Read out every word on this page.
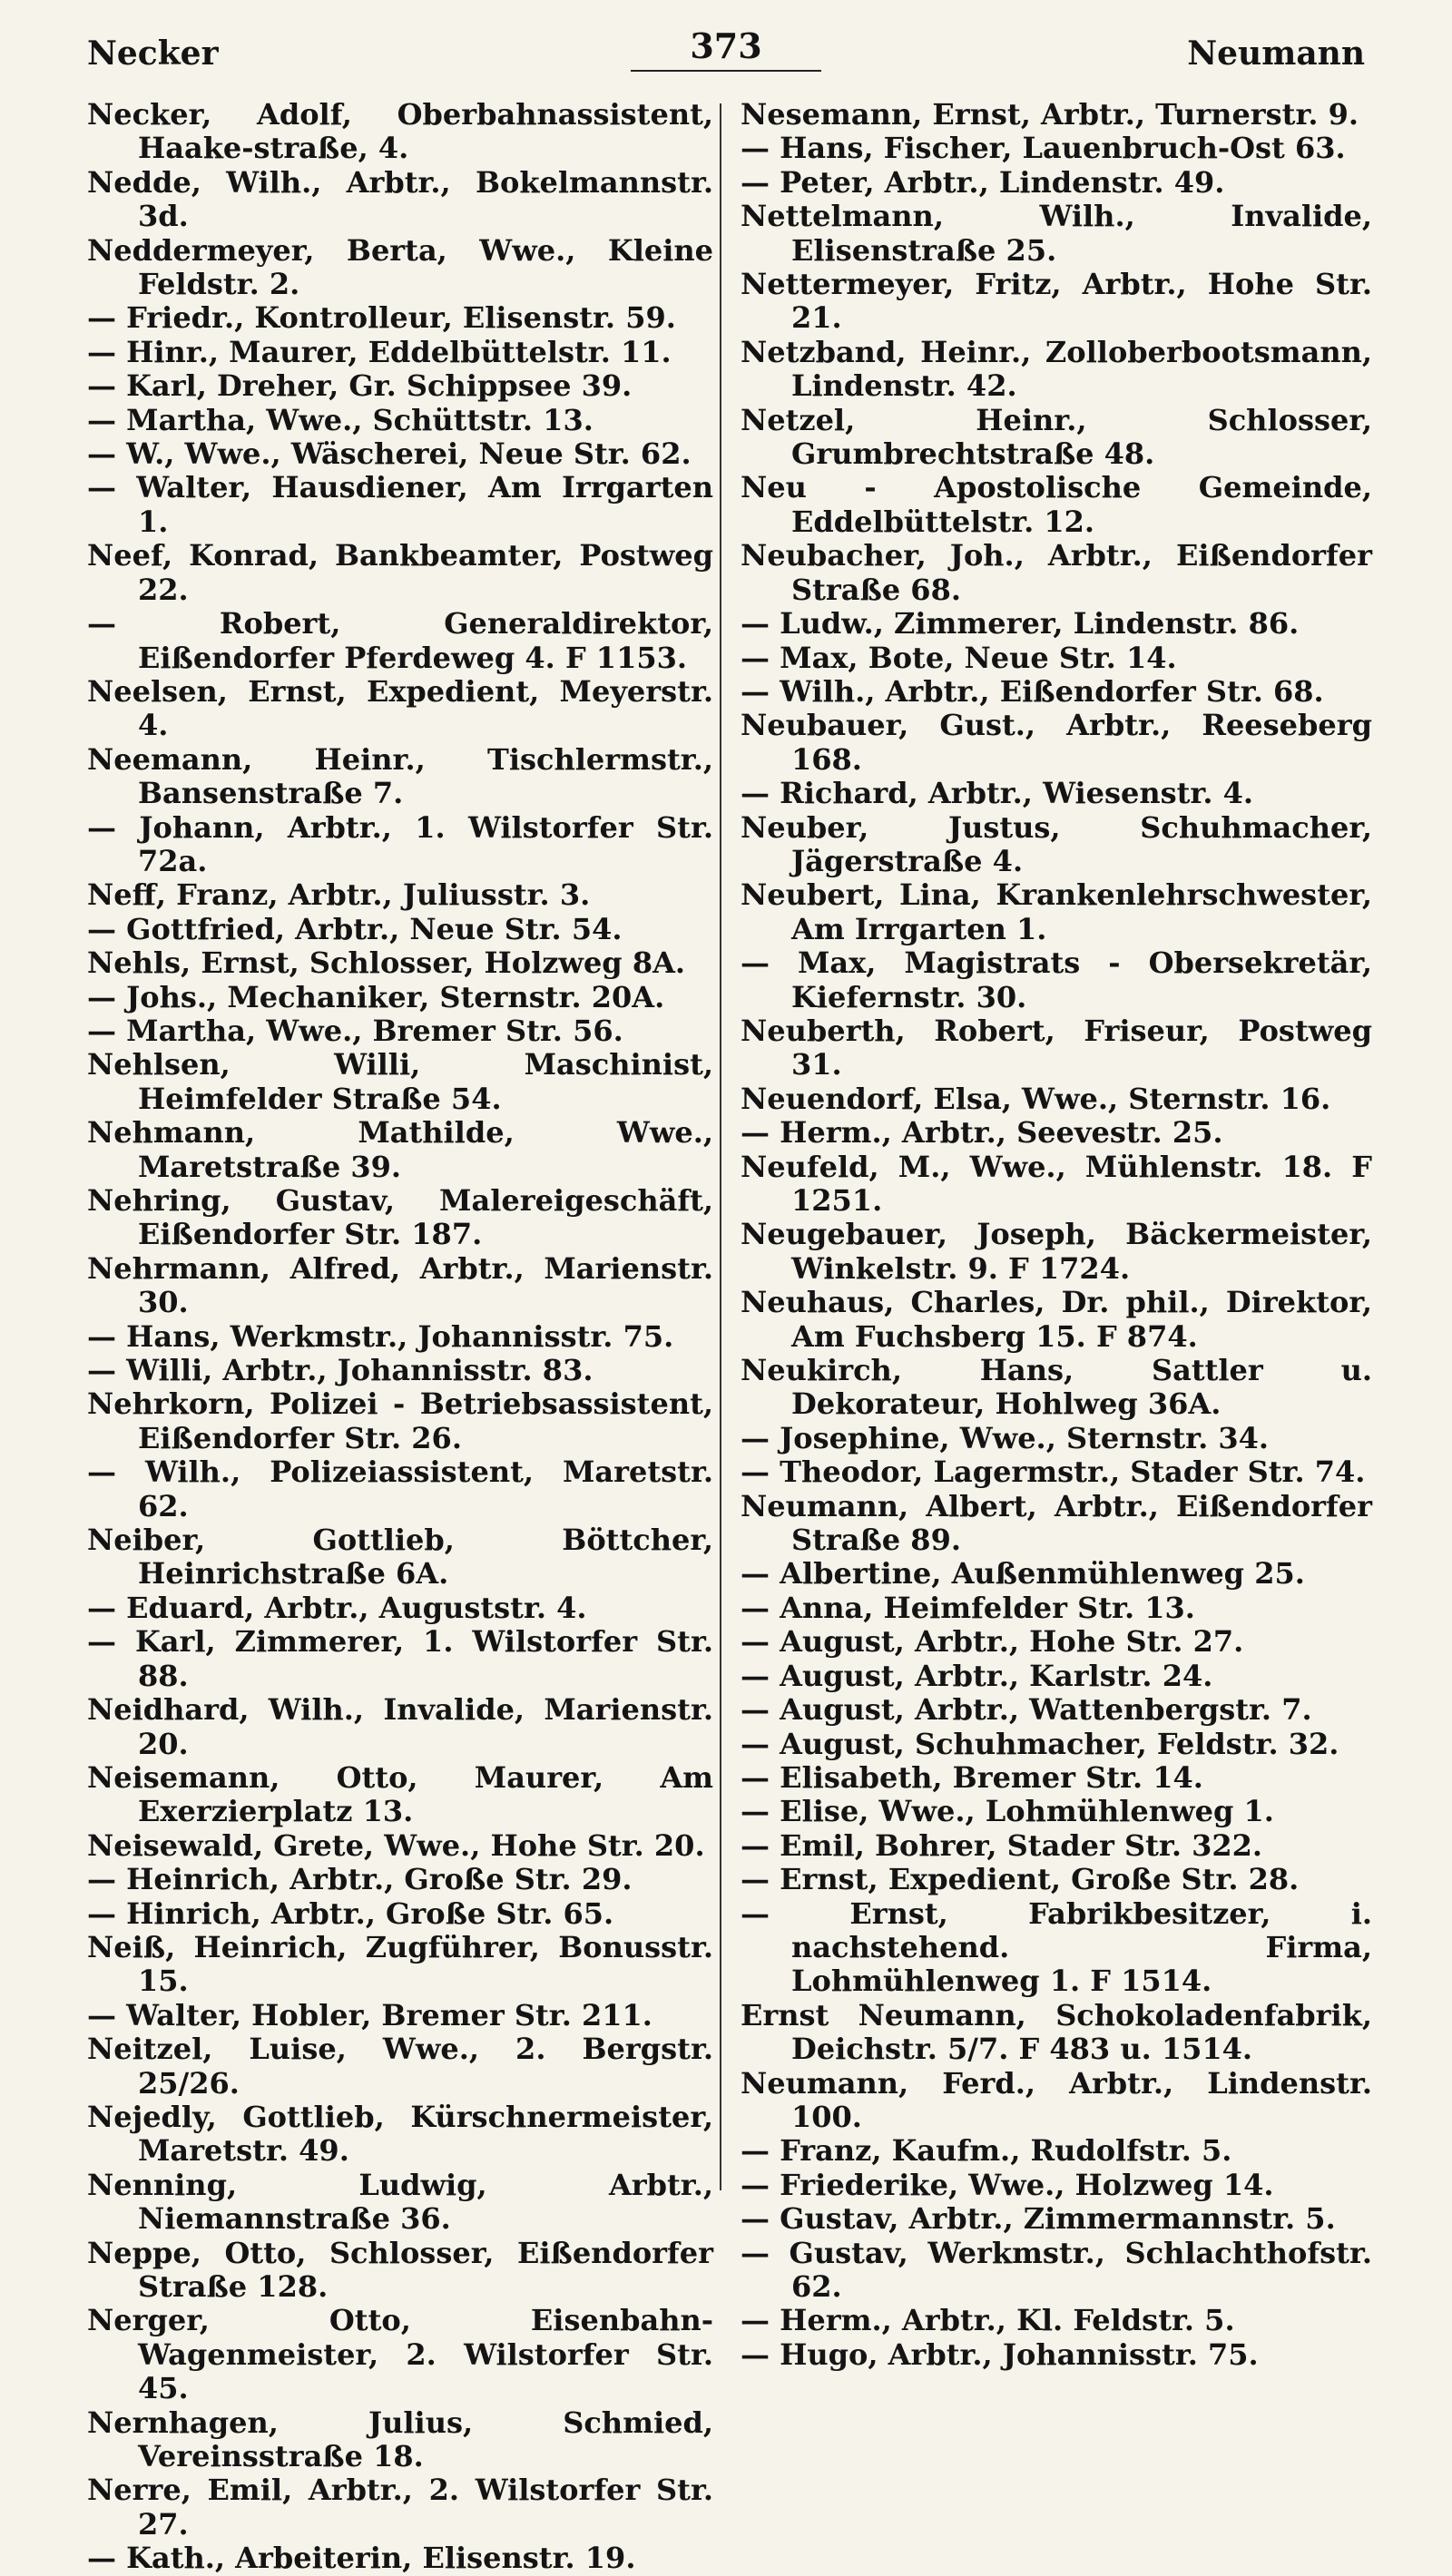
Necker	373	Neumann

Necker, Adolf, Oberbahnassistent, Haake-straße, 4.

Nedde, Wilh., Arbtr., Bokelmannstr. 3d.

Neddermeyer, Berta, Wwe., Kleine Feldstr. 2.

— Friedr., Kontrolleur, Elisenstr. 59.

— Hinr., Maurer, Eddelbüttelstr. 11.

— Karl, Dreher, Gr. Schippsee 39.

— Martha, Wwe., Schüttstr. 13.

— W., Wwe., Wäscherei, Neue Str. 62.

— Walter, Hausdiener, Am Irrgarten 1.

Neef, Konrad, Bankbeamter, Postweg 22.

— Robert, Generaldirektor, Eißendorfer Pferdeweg 4. F 1153.

Neelsen, Ernst, Expedient, Meyerstr. 4.

Neemann, Heinr., Tischlermstr., Bansenstraße 7.

— Johann, Arbtr., 1. Wilstorfer Str. 72a.

Neff, Franz, Arbtr., Juliusstr. 3.

— Gottfried, Arbtr., Neue Str. 54.

Nehls, Ernst, Schlosser, Holzweg 8A.

— Johs., Mechaniker, Sternstr. 20A.

— Martha, Wwe., Bremer Str. 56.

Nehlsen, Willi, Maschinist, Heimfelder Straße 54.

Nehmann, Mathilde, Wwe., Maretstraße 39.

Nehring, Gustav, Malereigeschäft, Eißendorfer Str. 187.

Nehrmann, Alfred, Arbtr., Marienstr. 30.

— Hans, Werkmstr., Johannisstr. 75.

— Willi, Arbtr., Johannisstr. 83.

Nehrkorn, Polizei - Betriebsassistent, Eißendorfer Str. 26.

— Wilh., Polizeiassistent, Maretstr. 62.

Neiber, Gottlieb, Böttcher, Heinrichstraße 6A.

— Eduard, Arbtr., Auguststr. 4.

— Karl, Zimmerer, 1. Wilstorfer Str. 88.

Neidhard, Wilh., Invalide, Marienstr. 20.

Neisemann, Otto, Maurer, Am Exerzierplatz 13.

Neisewald, Grete, Wwe., Hohe Str. 20.

— Heinrich, Arbtr., Große Str. 29.

— Hinrich, Arbtr., Große Str. 65.

Neiß, Heinrich, Zugführer, Bonusstr. 15.

— Walter, Hobler, Bremer Str. 211.

Neitzel, Luise, Wwe., 2. Bergstr. 25/26.

Nejedly, Gottlieb, Kürschnermeister, Maretstr. 49.

Nenning, Ludwig, Arbtr., Niemannstraße 36.

Neppe, Otto, Schlosser, Eißendorfer Straße 128.

Nerger, Otto, Eisenbahn-Wagenmeister, 2. Wilstorfer Str. 45.

Nernhagen, Julius, Schmied, Vereinsstraße 18.

Nerre, Emil, Arbtr., 2. Wilstorfer Str. 27.

— Kath., Arbeiterin, Elisenstr. 19.

Nesemann, Ernst, Arbtr., Turnerstr. 9.

— Hans, Fischer, Lauenbruch-Ost 63.

— Peter, Arbtr., Lindenstr. 49.

Nettelmann, Wilh., Invalide, Elisenstraße 25.

Nettermeyer, Fritz, Arbtr., Hohe Str. 21.

Netzband, Heinr., Zolloberbootsmann, Lindenstr. 42.

Netzel, Heinr., Schlosser, Grumbrechtstraße 48.

Neu - Apostolische Gemeinde, Eddelbüttelstr. 12.

Neubacher, Joh., Arbtr., Eißendorfer Straße 68.

— Ludw., Zimmerer, Lindenstr. 86.

— Max, Bote, Neue Str. 14.

— Wilh., Arbtr., Eißendorfer Str. 68.

Neubauer, Gust., Arbtr., Reeseberg 168.

— Richard, Arbtr., Wiesenstr. 4.

Neuber, Justus, Schuhmacher, Jägerstraße 4.

Neubert, Lina, Krankenlehrschwester, Am Irrgarten 1.

— Max, Magistrats - Obersekretär, Kiefernstr. 30.

Neuberth, Robert, Friseur, Postweg 31.

Neuendorf, Elsa, Wwe., Sternstr. 16.

— Herm., Arbtr., Seevestr. 25.

Neufeld, M., Wwe., Mühlenstr. 18. F 1251.

Neugebauer, Joseph, Bäckermeister, Winkelstr. 9. F 1724.

Neuhaus, Charles, Dr. phil., Direktor, Am Fuchsberg 15. F 874.

Neukirch, Hans, Sattler u. Dekorateur, Hohlweg 36A.

— Josephine, Wwe., Sternstr. 34.

— Theodor, Lagermstr., Stader Str. 74.

Neumann, Albert, Arbtr., Eißendorfer Straße 89.

— Albertine, Außenmühlenweg 25.

— Anna, Heimfelder Str. 13.

— August, Arbtr., Hohe Str. 27.

— August, Arbtr., Karlstr. 24.

— August, Arbtr., Wattenbergstr. 7.

— August, Schuhmacher, Feldstr. 32.

— Elisabeth, Bremer Str. 14.

— Elise, Wwe., Lohmühlenweg 1.

— Emil, Bohrer, Stader Str. 322.

— Ernst, Expedient, Große Str. 28.

— Ernst, Fabrikbesitzer, i. nachstehend. Firma, Lohmühlenweg 1. F 1514.

Ernst Neumann, Schokoladenfabrik, Deichstr. 5/7. F 483 u. 1514.

Neumann, Ferd., Arbtr., Lindenstr. 100.

— Franz, Kaufm., Rudolfstr. 5.

— Friederike, Wwe., Holzweg 14.

— Gustav, Arbtr., Zimmermannstr. 5.

— Gustav, Werkmstr., Schlachthofstr. 62.

— Herm., Arbtr., Kl. Feldstr. 5.

— Hugo, Arbtr., Johannisstr. 75.
